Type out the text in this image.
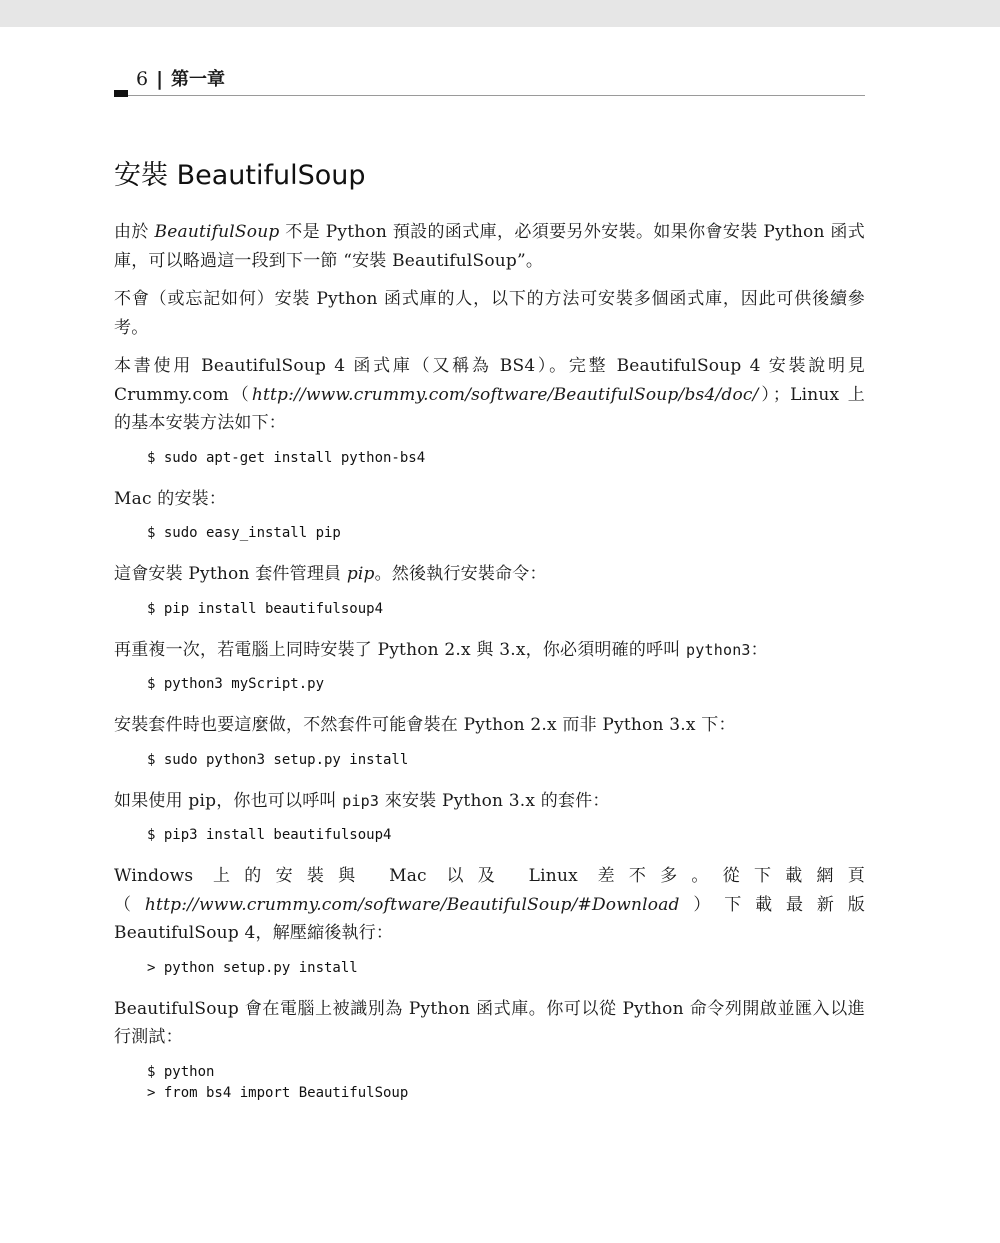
6 | 第一章
安裝 BeautifulSoup

由於 BeautifulSoup 不是 Python 預設的函式庫，必須要另外安裝。如果你會安裝 Python 函式庫，可以略過這一段到下一節 “安裝 BeautifulSoup”。

不會（或忘記如何）安裝 Python 函式庫的人，以下的方法可安裝多個函式庫，因此可供後續參考。

本書使用 BeautifulSoup 4 函式庫（又稱為 BS4）。完整 BeautifulSoup 4 安裝說明見 Crummy.com（http://www.crummy.com/software/BeautifulSoup/bs4/doc/）；Linux 上的基本安裝方法如下：

$ sudo apt-get install python-bs4

Mac 的安裝：

$ sudo easy_install pip

這會安裝 Python 套件管理員 pip。然後執行安裝命令：

$ pip install beautifulsoup4

再重複一次，若電腦上同時安裝了 Python 2.x 與 3.x，你必須明確的呼叫 python3：

$ python3 myScript.py

安裝套件時也要這麼做，不然套件可能會裝在 Python 2.x 而非 Python 3.x 下：

$ sudo python3 setup.py install

如果使用 pip，你也可以呼叫 pip3 來安裝 Python 3.x 的套件：

$ pip3 install beautifulsoup4

Windows 上的安裝與 Mac 以及 Linux 差不多。從下載網頁（http://www.crummy.com/software/BeautifulSoup/#Download）下載最新版 BeautifulSoup 4，解壓縮後執行：

> python setup.py install

BeautifulSoup 會在電腦上被識別為 Python 函式庫。你可以從 Python 命令列開啟並匯入以進行測試：

$ python
> from bs4 import BeautifulSoup
